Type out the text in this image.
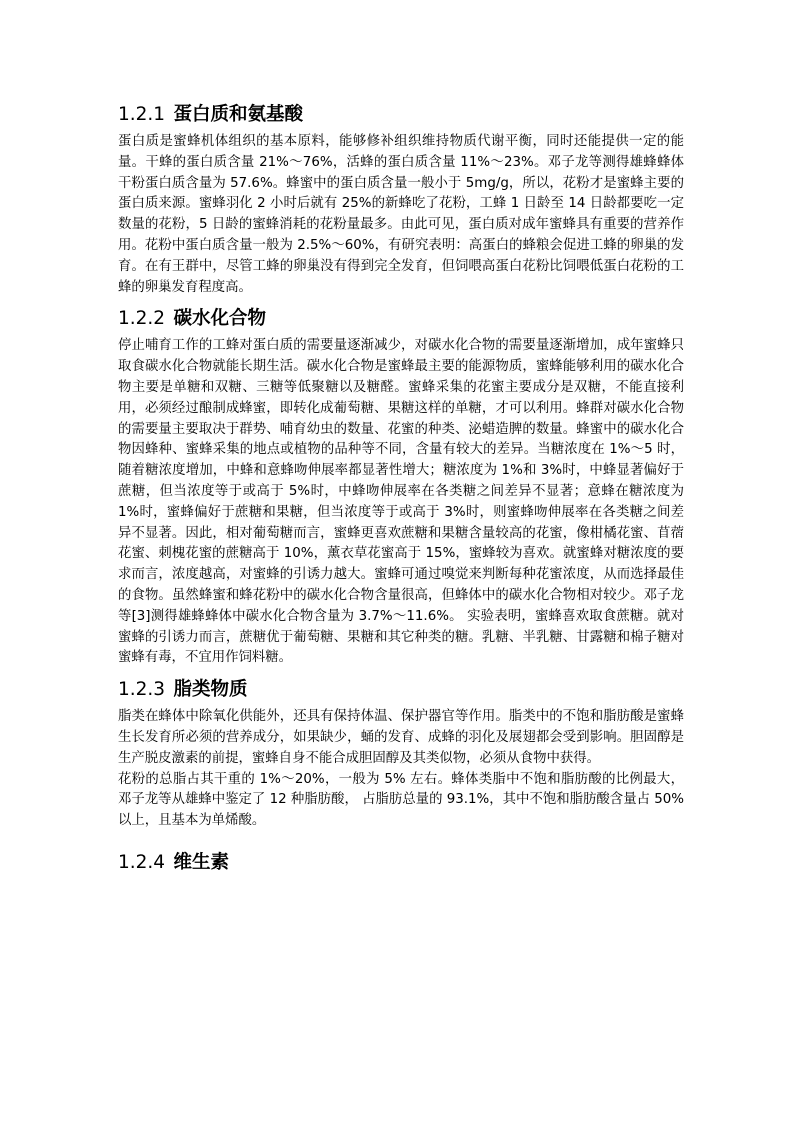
1.2.1 蛋白质和氨基酸

蛋白质是蜜蜂机体组织的基本原料，能够修补组织维持物质代谢平衡，同时还能提供一定的能量。干蜂的蛋白质含量 21%～76%，活蜂的蛋白质含量 11%～23%。邓子龙等测得雄蜂蜂体干粉蛋白质含量为 57.6%。蜂蜜中的蛋白质含量一般小于 5mg/g，所以，花粉才是蜜蜂主要的蛋白质来源。蜜蜂羽化 2 小时后就有 25%的新蜂吃了花粉，工蜂 1 日龄至 14 日龄都要吃一定数量的花粉，5 日龄的蜜蜂消耗的花粉量最多。由此可见，蛋白质对成年蜜蜂具有重要的营养作用。花粉中蛋白质含量一般为 2.5%～60%，有研究表明：高蛋白的蜂粮会促进工蜂的卵巢的发育。在有王群中，尽管工蜂的卵巢没有得到完全发育，但饲喂高蛋白花粉比饲喂低蛋白花粉的工蜂的卵巢发育程度高。

1.2.2 碳水化合物

停止哺育工作的工蜂对蛋白质的需要量逐渐减少，对碳水化合物的需要量逐渐增加，成年蜜蜂只取食碳水化合物就能长期生活。碳水化合物是蜜蜂最主要的能源物质，蜜蜂能够利用的碳水化合物主要是单糖和双糖、三糖等低聚糖以及糖醛。蜜蜂采集的花蜜主要成分是双糖，不能直接利用，必须经过酿制成蜂蜜，即转化成葡萄糖、果糖这样的单糖，才可以利用。蜂群对碳水化合物的需要量主要取决于群势、哺育幼虫的数量、花蜜的种类、泌蜡造脾的数量。蜂蜜中的碳水化合物因蜂种、蜜蜂采集的地点或植物的品种等不同，含量有较大的差异。当糖浓度在 1%～5 时，随着糖浓度增加，中蜂和意蜂吻伸展率都显著性增大；糖浓度为 1%和 3%时，中蜂显著偏好于蔗糖，但当浓度等于或高于 5%时，中蜂吻伸展率在各类糖之间差异不显著；意蜂在糖浓度为 1%时，蜜蜂偏好于蔗糖和果糖，但当浓度等于或高于 3%时，则蜜蜂吻伸展率在各类糖之间差异不显著。因此，相对葡萄糖而言，蜜蜂更喜欢蔗糖和果糖含量较高的花蜜，像柑橘花蜜、苜蓿花蜜、刺槐花蜜的蔗糖高于 10%，薰衣草花蜜高于 15%，蜜蜂较为喜欢。就蜜蜂对糖浓度的要求而言，浓度越高，对蜜蜂的引诱力越大。蜜蜂可通过嗅觉来判断每种花蜜浓度，从而选择最佳的食物。虽然蜂蜜和蜂花粉中的碳水化合物含量很高，但蜂体中的碳水化合物相对较少。邓子龙等[3]测得雄蜂蜂体中碳水化合物含量为 3.7%～11.6%。 实验表明，蜜蜂喜欢取食蔗糖。就对蜜蜂的引诱力而言，蔗糖优于葡萄糖、果糖和其它种类的糖。乳糖、半乳糖、甘露糖和棉子糖对蜜蜂有毒，不宜用作饲料糖。

1.2.3 脂类物质

脂类在蜂体中除氧化供能外，还具有保持体温、保护器官等作用。脂类中的不饱和脂肪酸是蜜蜂生长发育所必须的营养成分，如果缺少，蛹的发育、成蜂的羽化及展翅都会受到影响。胆固醇是生产脱皮激素的前提，蜜蜂自身不能合成胆固醇及其类似物，必须从食物中获得。

花粉的总脂占其干重的 1%～20%，一般为 5% 左右。蜂体类脂中不饱和脂肪酸的比例最大，邓子龙等从雄蜂中鉴定了 12 种脂肪酸， 占脂肪总量的 93.1%，其中不饱和脂肪酸含量占 50%以上，且基本为单烯酸。

1.2.4 维生素
